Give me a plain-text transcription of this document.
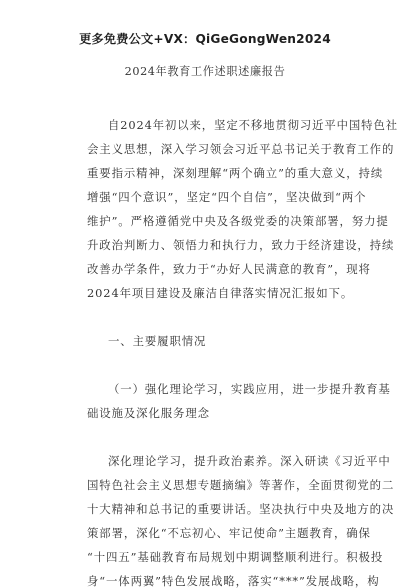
更多免费公文+VX：QiGeGongWen2024
2024年教育工作述职述廉报告
自2024年初以来，坚定不移地贯彻习近平中国特色社
会主义思想，深入学习领会习近平总书记关于教育工作的
重要指示精神，深刻理解“两个确立”的重大意义，持续
增强“四个意识”，坚定“四个自信”，坚决做到“两个
维护”。严格遵循党中央及各级党委的决策部署，努力提
升政治判断力、领悟力和执行力，致力于经济建设，持续
改善办学条件，致力于“办好人民满意的教育”，现将
2024年项目建设及廉洁自律落实情况汇报如下。
一、主要履职情况
（一）强化理论学习，实践应用，进一步提升教育基
础设施及深化服务理念
深化理论学习，提升政治素养。深入研读《习近平中
国特色社会主义思想专题摘编》等著作，全面贯彻党的二
十大精神和总书记的重要讲话。坚决执行中央及地方的决
策部署，深化“不忘初心、牢记使命”主题教育，确保
“十四五”基础教育布局规划中期调整顺利进行。积极投
身“一体两翼”特色发展战略，落实“***”发展战略，构
